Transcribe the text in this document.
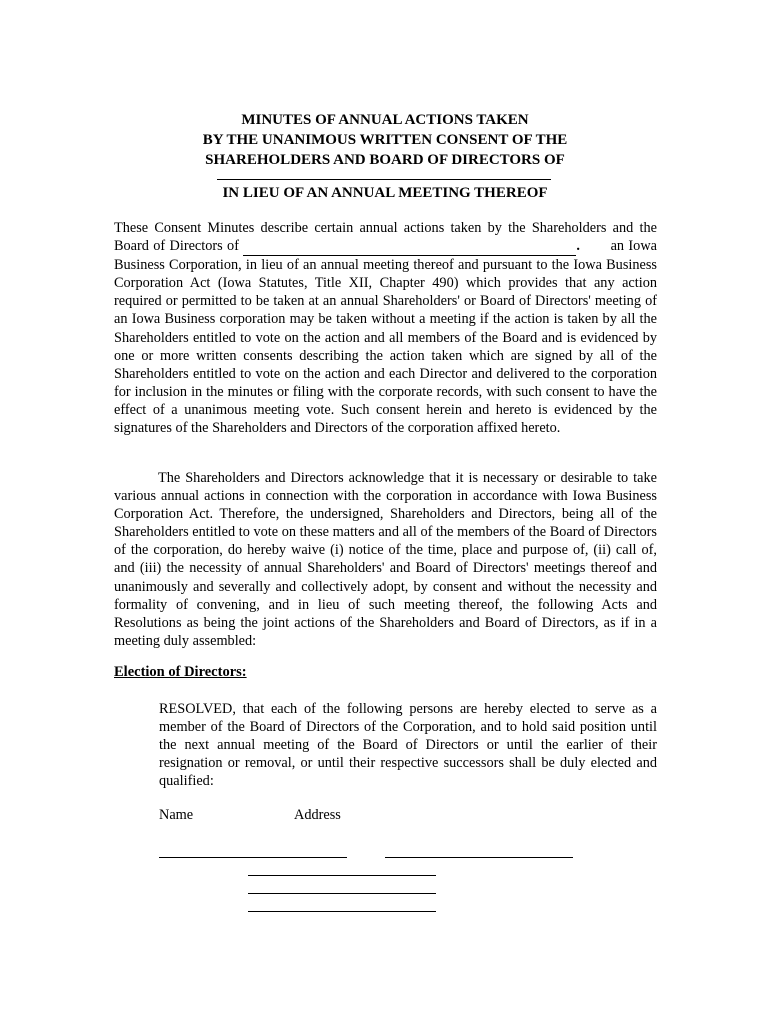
MINUTES OF ANNUAL ACTIONS TAKEN
BY THE UNANIMOUS WRITTEN CONSENT OF THE
SHAREHOLDERS AND BOARD OF DIRECTORS OF
IN LIEU OF AN ANNUAL MEETING THEREOF

These Consent Minutes describe certain annual actions taken by the Shareholders and the Board of Directors of	. an Iowa Business Corporation, in lieu of an annual meeting thereof and pursuant to the Iowa Business Corporation Act (Iowa Statutes, Title XII, Chapter 490) which provides that any action required or permitted to be taken at an annual Shareholders' or Board of Directors' meeting of an Iowa Business corporation may be taken without a meeting if the action is taken by all the Shareholders entitled to vote on the action and all members of the Board and is evidenced by one or more written consents describing the action taken which are signed by all of the Shareholders entitled to vote on the action and each Director and delivered to the corporation for inclusion in the minutes or filing with the corporate records, with such consent to have the effect of a unanimous meeting vote. Such consent herein and hereto is evidenced by the signatures of the Shareholders and Directors of the corporation affixed hereto.

The Shareholders and Directors acknowledge that it is necessary or desirable to take various annual actions in connection with the corporation in accordance with Iowa Business Corporation Act. Therefore, the undersigned, Shareholders and Directors, being all of the Shareholders entitled to vote on these matters and all of the members of the Board of Directors of the corporation, do hereby waive (i) notice of the time, place and purpose of, (ii) call of, and (iii) the necessity of annual Shareholders' and Board of Directors' meetings thereof and unanimously and severally and collectively adopt, by consent and without the necessity and formality of convening, and in lieu of such meeting thereof, the following Acts and Resolutions as being the joint actions of the Shareholders and Board of Directors, as if in a meeting duly assembled:

Election of Directors:

RESOLVED, that each of the following persons are hereby elected to serve as a member of the Board of Directors of the Corporation, and to hold said position until the next annual meeting of the Board of Directors or until the earlier of their resignation or removal, or until their respective successors shall be duly elected and qualified:

Name	Address
